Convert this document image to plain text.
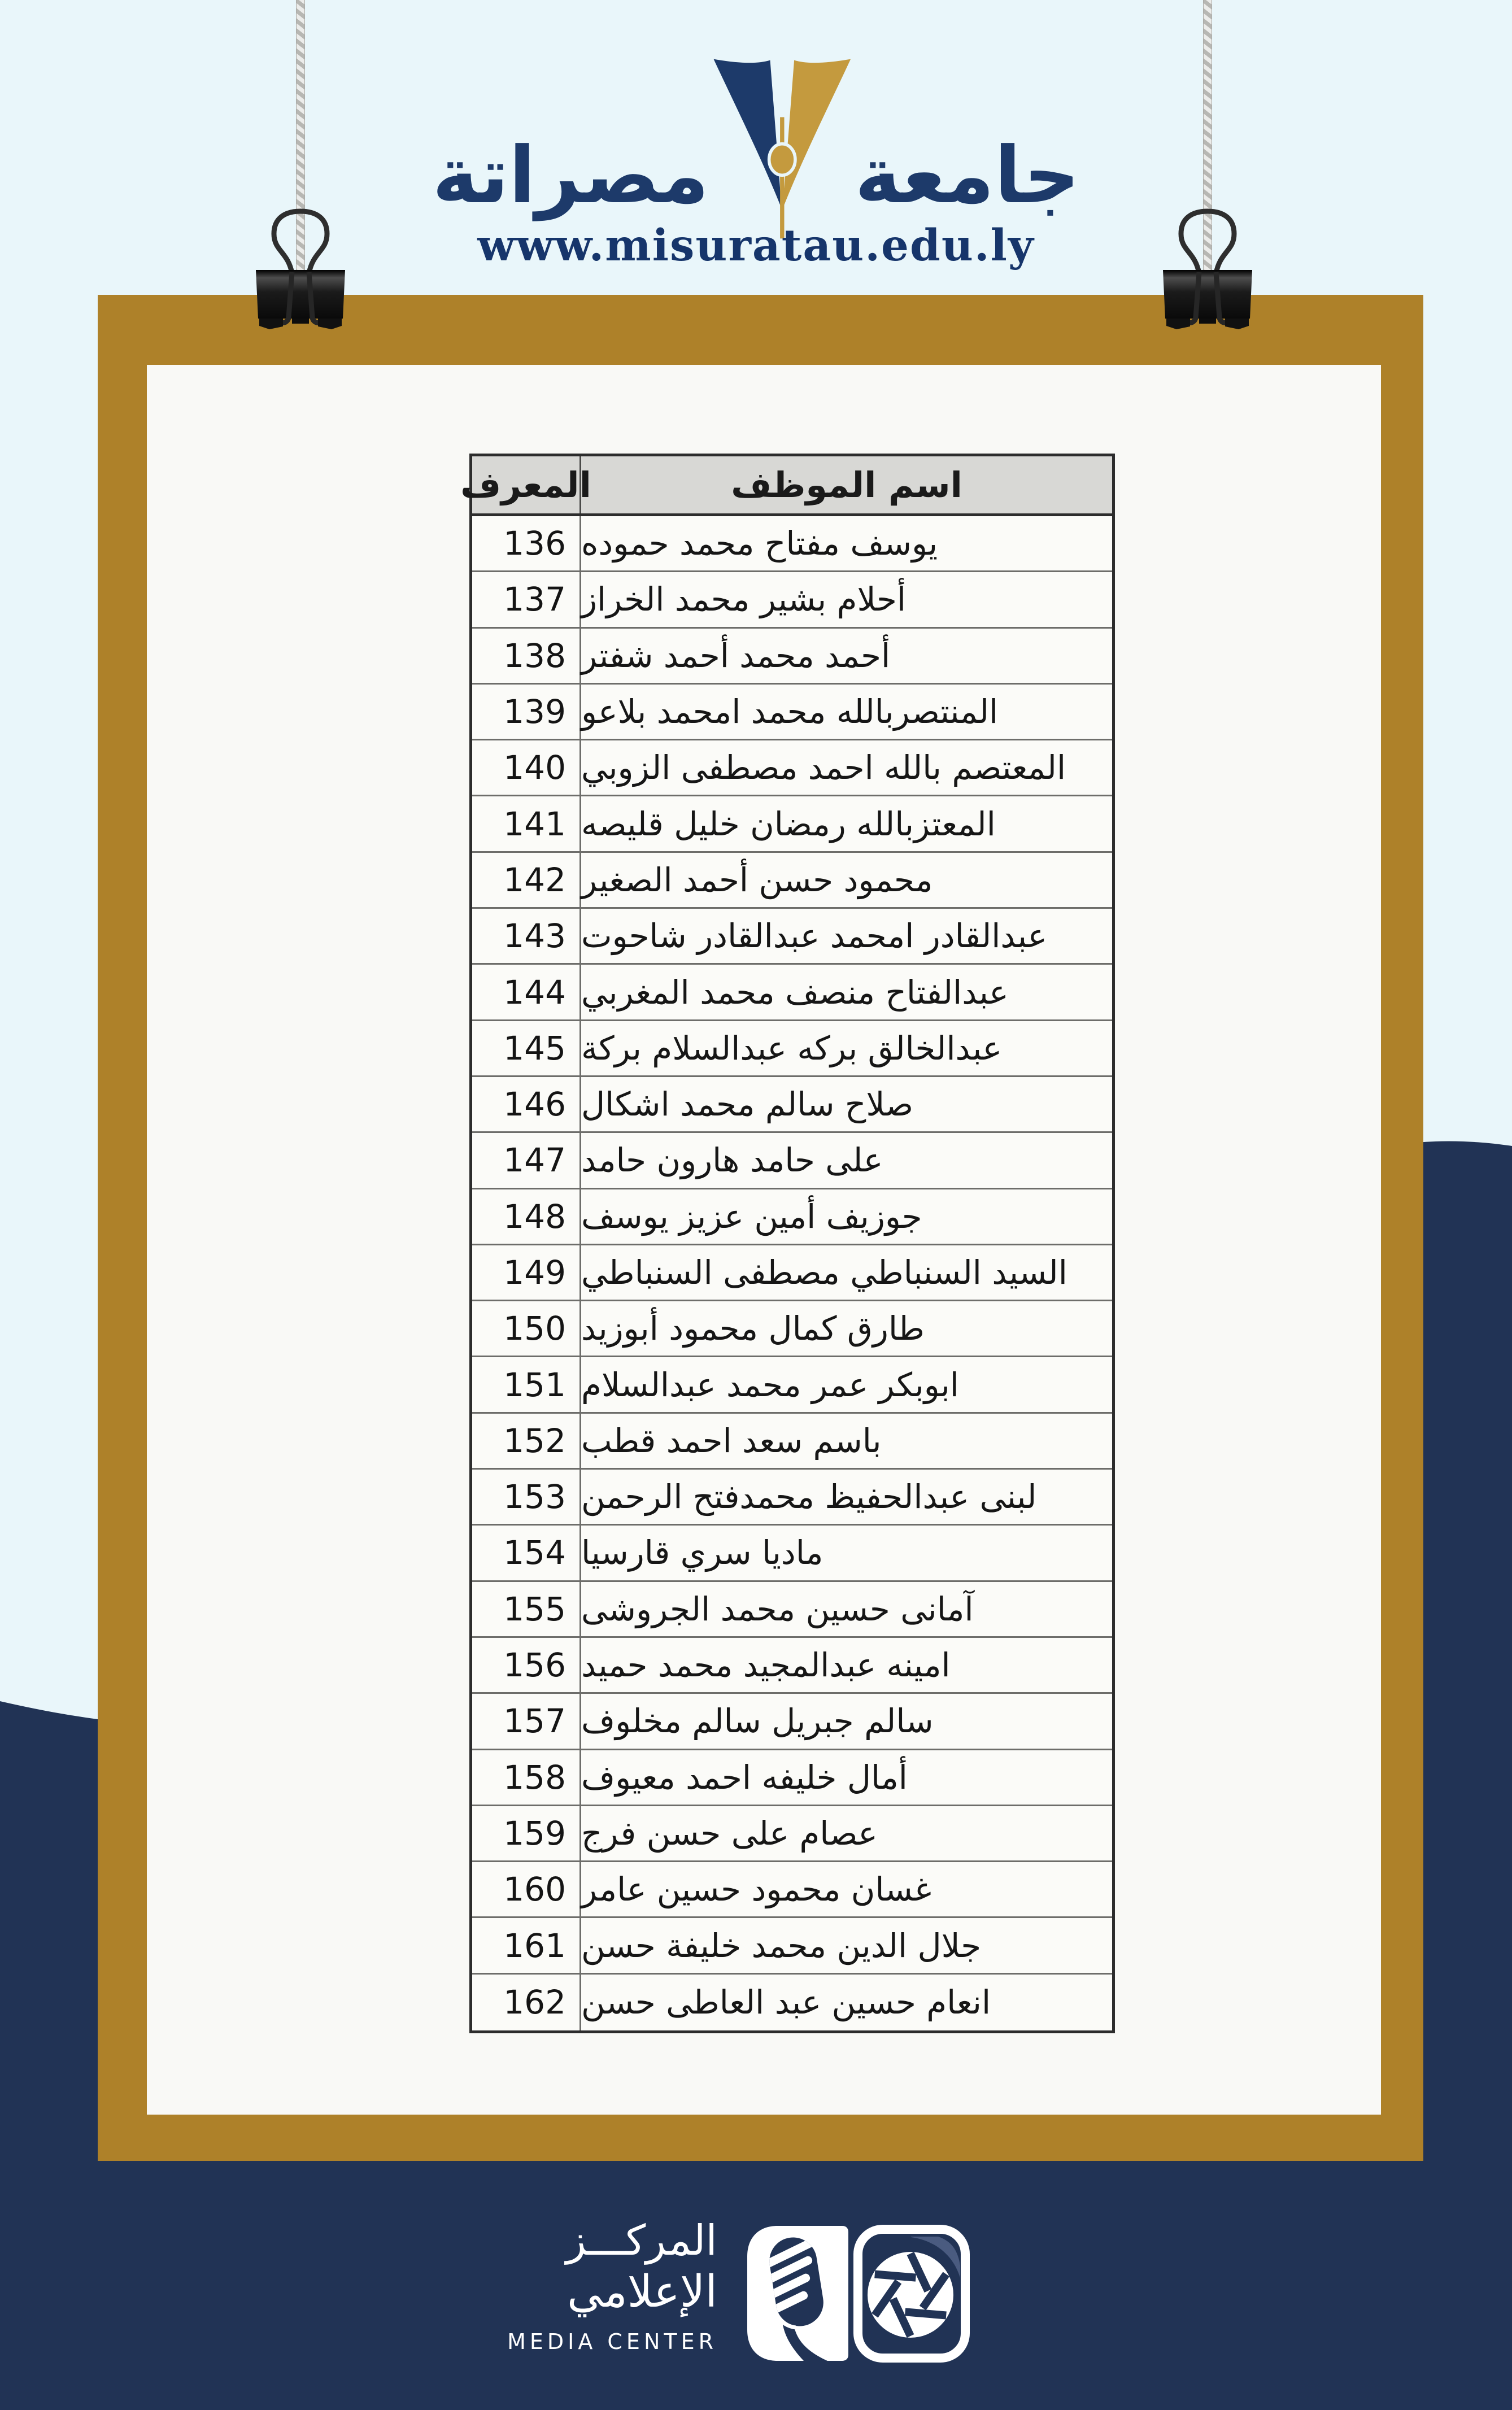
مصراتة جامعة
www.misuratau.edu.ly
المعرف	اسم الموظف
136 يوسف مفتاح محمد حموده
137 أحلام بشير محمد الخراز
138 أحمد محمد أحمد شفتر
139 المنتصربالله محمد امحمد بلاعو
140 المعتصم بالله احمد مصطفى الزوبي
141 المعتزبالله رمضان خليل قليصه
142 محمود حسن أحمد الصغير
143 عبدالقادر امحمد عبدالقادر شاحوت
144 عبدالفتاح منصف محمد المغربي
145 عبدالخالق بركه عبدالسلام بركة
146 صلاح سالم محمد اشكال
147 على حامد هارون حامد
148 جوزيف أمين عزيز يوسف
149 السيد السنباطي مصطفى السنباطي
150 طارق كمال محمود أبوزيد
151 ابوبكر عمر محمد عبدالسلام
152 باسم سعد احمد قطب
153 لبنى عبدالحفيظ محمدفتح الرحمن
154 ماديا سري قارسيا
155 آمانى حسين محمد الجروشى
156 امينه عبدالمجيد محمد حميد
157 سالم جبريل سالم مخلوف
158 أمال خليفه احمد معيوف
159 عصام على حسن فرج
160 غسان محمود حسين عامر
161 جلال الدين محمد خليفة حسن
162 انعام حسين عبد العاطى حسن
المركـــز
الإعلامي
MEDIA CENTER
